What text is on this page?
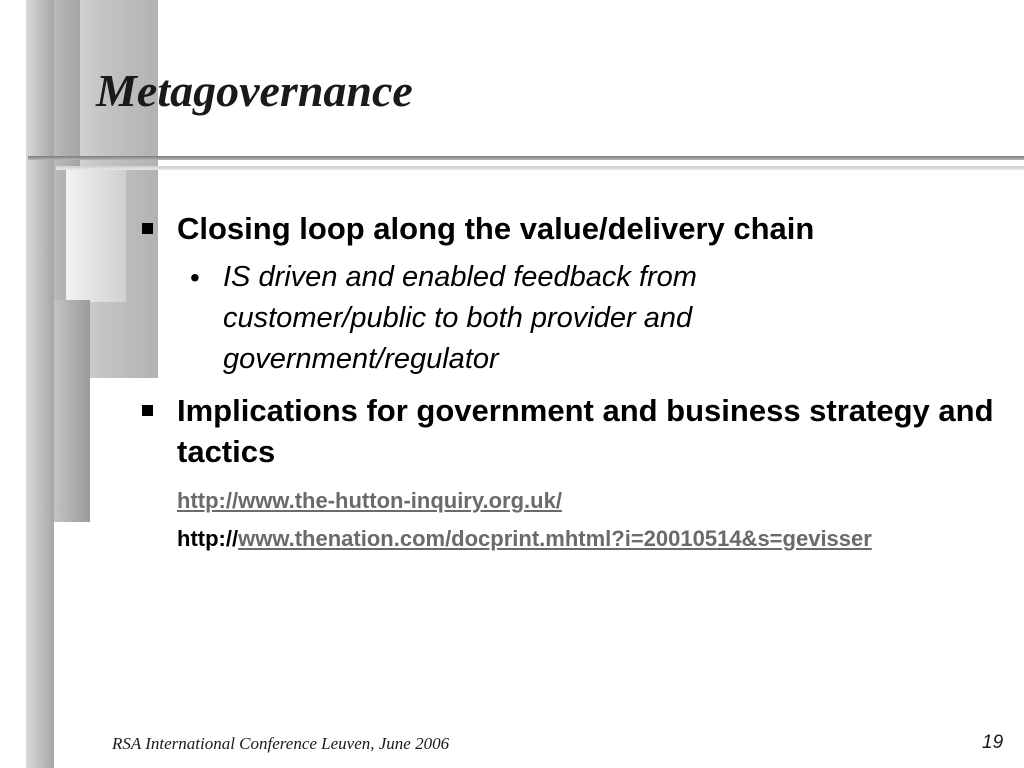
Metagovernance
Closing loop along the value/delivery chain
• IS driven and enabled feedback from customer/public to both provider and government/regulator
Implications for government and business strategy and tactics
http://www.the-hutton-inquiry.org.uk/
http://www.thenation.com/docprint.mhtml?i=20010514&s=gevisser
RSA International Conference Leuven, June 2006	19
